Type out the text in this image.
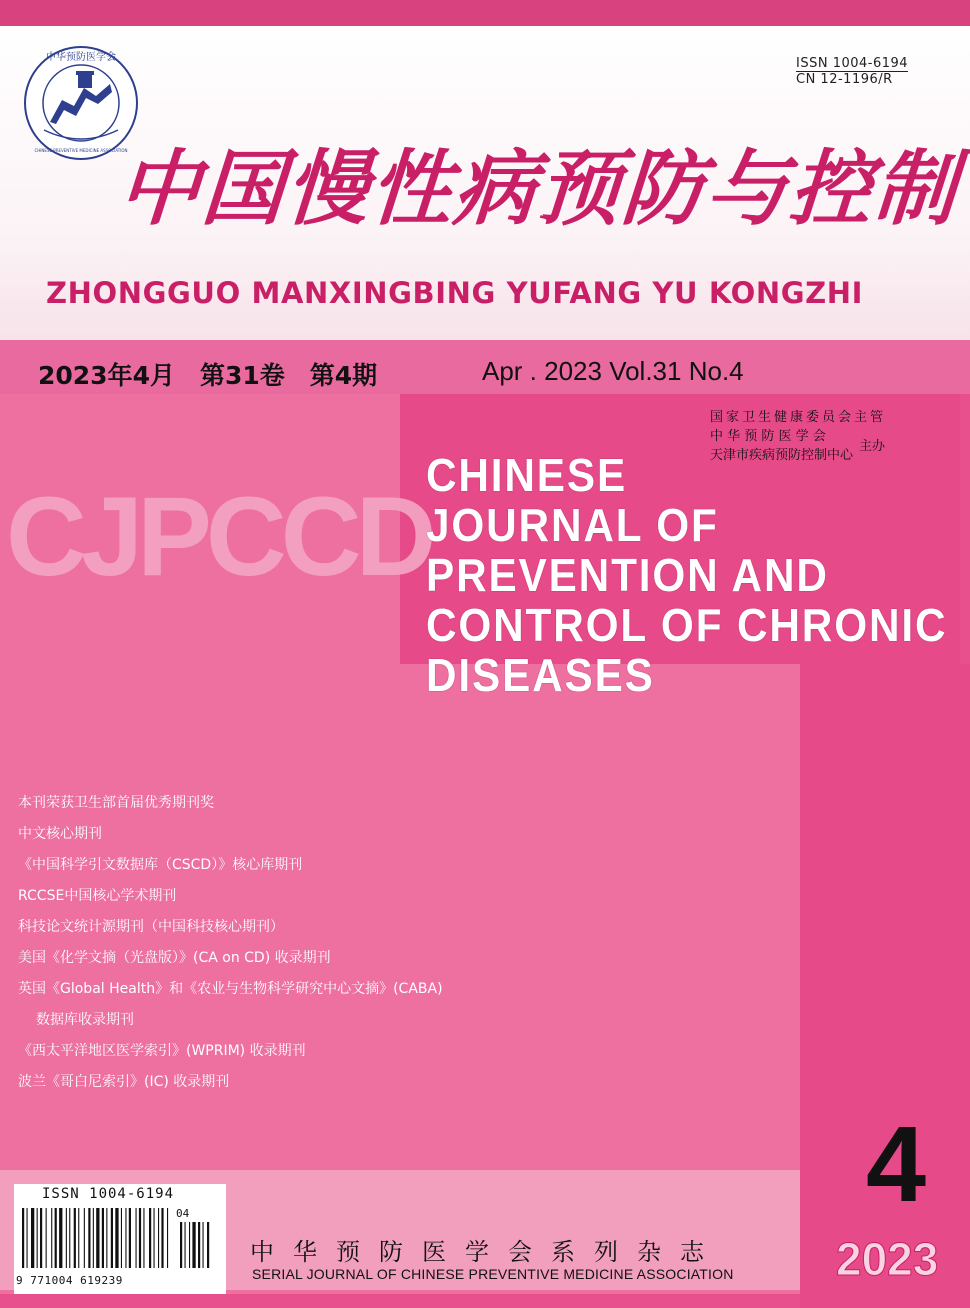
中华预防医学会
CHINESE PREVENTIVE MEDICINE ASSOCIATION
ISSN 1004-6194
CN 12-1196/R
中国慢性病预防与控制
ZHONGGUO MANXINGBING YUFANG YU KONGZHI
2023年4月　第31卷　第4期	Apr . 2023 Vol.31 No.4
国家卫生健康委员会主管
中 华 预 防 医 学 会
天津市疾病预防控制中心
主办
CJPCCD
CHINESE
JOURNAL OF
PREVENTION AND
CONTROL OF CHRONIC
DISEASES
本刊荣获卫生部首届优秀期刊奖
中文核心期刊
《中国科学引文数据库（CSCD）》核心库期刊
RCCSE中国核心学术期刊
科技论文统计源期刊（中国科技核心期刊）
美国《化学文摘（光盘版）》(CA on CD) 收录期刊
英国《Global Health》和《农业与生物科学研究中心文摘》(CABA)
数据库收录期刊
《西太平洋地区医学索引》(WPRIM) 收录期刊
波兰《哥白尼索引》(IC) 收录期刊
4
2023
ISSN 1004-6194
9 771004 619239
04
中华预防医学会系列杂志
SERIAL JOURNAL OF CHINESE PREVENTIVE MEDICINE ASSOCIATION
